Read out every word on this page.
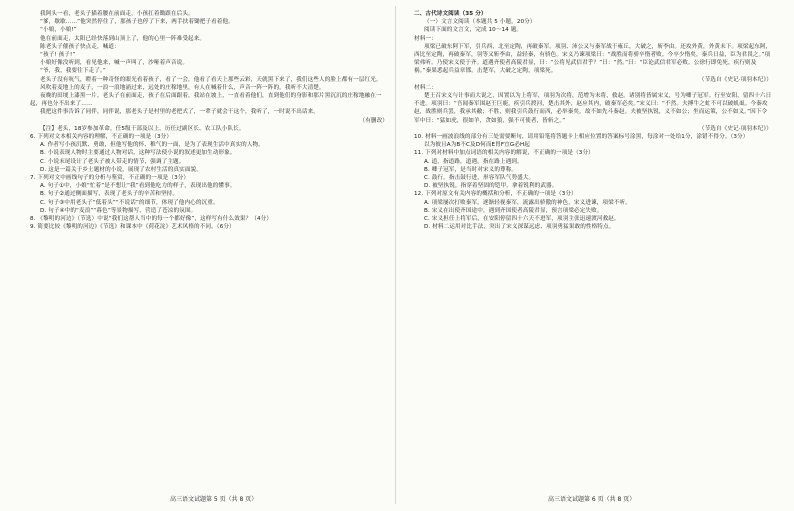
我阿头一看，老头子猫着腰在前面走，小孩扛着锄跟在后头。

“爹，歇歇……”他突然停住了，那孩子也停了下来，两手扶着锄把子看着他。

“小娘，小娘!”

他在前面走，太阳已经快落到山顶上了，他的心里一阵难受起来。

陈老头子催孩子快点走，喊道：

“孩子! 孩子!”

小娘好像没听到，看见他来，喊一声叫了，沙哑着声音说。

“爷，我，我要往下走了。”

老头子没有吭气，瞪着一种奇怪的眼光看着孩子，看了一会，他看了看天上那些云彩，天就黑下来了，我们这些人的脸上都有一层红光。

风吹着麦地上的麦子，一浪一浪地涌过来，远处的庄稼地里，有人在喊着什么，声音一阵一阵的，我听不大清楚。

夜晚的田埂上漆黑一片，老头子在前面走，孩子在后面跟着，我站在坡上，一直看着他们，直到他们的身影和那片黑沉沉的庄稼地融在一起，再也分不出来了……

我把这件事告诉了同伴，同伴说，那老头子是村里的老把式了，一辈子就会干这个，我听了，一时说不出话来。

（有删改）

【注】老头，18岁参加革命，任5级干部及以上，历任过副区长、农工队小队长。

6. 下列对文本相关内容的理解，不正确的一项是（3分）

A. 作者写小孩沉默、勇敢，但他写他的怀、稚气的一面，是为了表现生活中真实的人物。

B. 小说表现人物时主要通过人物对话，这种写法使小说的叙述更加生动形象。

C. 小说末尾设计了老头子被人带走的情节，强调了主题。

D. 这是一篇关于乡土题材的小说，展现了农村生活的真实面貌。

7. 下列对文中画线句子的分析与鉴赏，不正确的一项是（3分）

A. 句子①中，小娘“忙着”是不想让“我”看到他吃力的样子，表现出他的懂事。

B. 句子②通过侧面描写，表现了老头子的辛苦和坚持。

C. 句子③中用老头子“低着头”“不说话”的细节，体现了他内心的沉重。

D. 句子④中的“麦浪”“暮色”等景物描写，营造了苍凉的氛围。

8. 《黎明的河边》（节选）中说“我们这帮人当中的每一个都好像”，这样写有什么效果？（4分）

9. 简要比较《黎明的河边》《节选》和课本中《荷花淀》艺术风格的不同。（6分）

高三语文试题第 5 页（共 8 页）

二、古代诗文阅读（35 分）

（一）文言文阅读（本题共 5 小题，20分）

阅读下面的文言文，完成 10～14 题。

材料一：

项梁已破东阿下军，引兵西，北至定陶，再破秦军。项羽、沛公又与秦军战于雍丘，大破之，斩李由。还攻外黄，外黄未下。项梁起东阿，西比至定陶，再破秦军，羽等又斩李由，益轻秦，有骄色。宋义乃谏项梁曰：“战胜而将骄卒惰者败。今卒少惰矣，秦兵日益，臣为君畏之。”项梁弗听。乃使宋义使于齐。道遇齐使者高陵君显，曰：“公将见武信君乎？”曰：“然。”曰：“臣论武信君军必败。公徐行即免死，疾行则及祸。”秦果悉起兵益章邯，击楚军，大破之定陶，项梁死。

（节选自《史记·项羽本纪》）

材料二：

楚王召宋义与计事而大说之，因置以为上将军，项羽为次将，范增为末将，救赵。诸别将皆属宋义，号为卿子冠军。行至安阳，留四十六日不进。项羽曰：“吾闻秦军围赵王巨鹿，疾引兵渡河，楚击其外，赵应其内，破秦军必矣。”宋义曰：“不然。夫搏牛之虻不可以破虮虱。今秦攻赵，战胜则兵罢，我承其敝；不胜，则我引兵鼓行而西，必举秦矣。故不如先斗秦赵。夫被坚执锐，义不如公；坐而运策，公不如义。”因下令军中曰：“猛如虎，很如羊，贪如狼，强不可使者，皆斩之。”

（节选自《史记·项羽本纪》）

10. 材料一画波浪线的部分有三处需要断句，请用铅笔将答题卡上相应位置的答案标号涂黑，每涂对一处给1分，涂错不得分。（3分）

以为彼且A为B不C及D何而E胃F宜G必H起

11. 下列对材料中加点词语的相关内容的解说，不正确的一项是（3分）

A. 道，指道路，道遇，指在路上遇到。

B. 卿子冠军，是当时对宋义的尊称。

C. 鼓行，指击鼓行进，形容军队气势盛大。

D. 被坚执锐，指穿着坚固的铠甲，拿着锐利的武器。

12. 下列对原文有关内容的概括和分析，不正确的一项是（3分）

A. 项梁屡次打败秦军，逐渐轻视秦军，流露出骄傲的神色，宋义进谏，项梁不听。

B. 宋义在出使齐国途中，遇到齐国使者高陵君显，预言项梁必定失败。

C. 宋义担任上将军后，在安阳停留四十六天不进军，项羽主张迅速渡河救赵。

D. 材料二运用对比手法，突出了宋义深谋远虑、项羽勇猛果敢的性格特点。

高三语文试题第 6 页（共 8 页）
